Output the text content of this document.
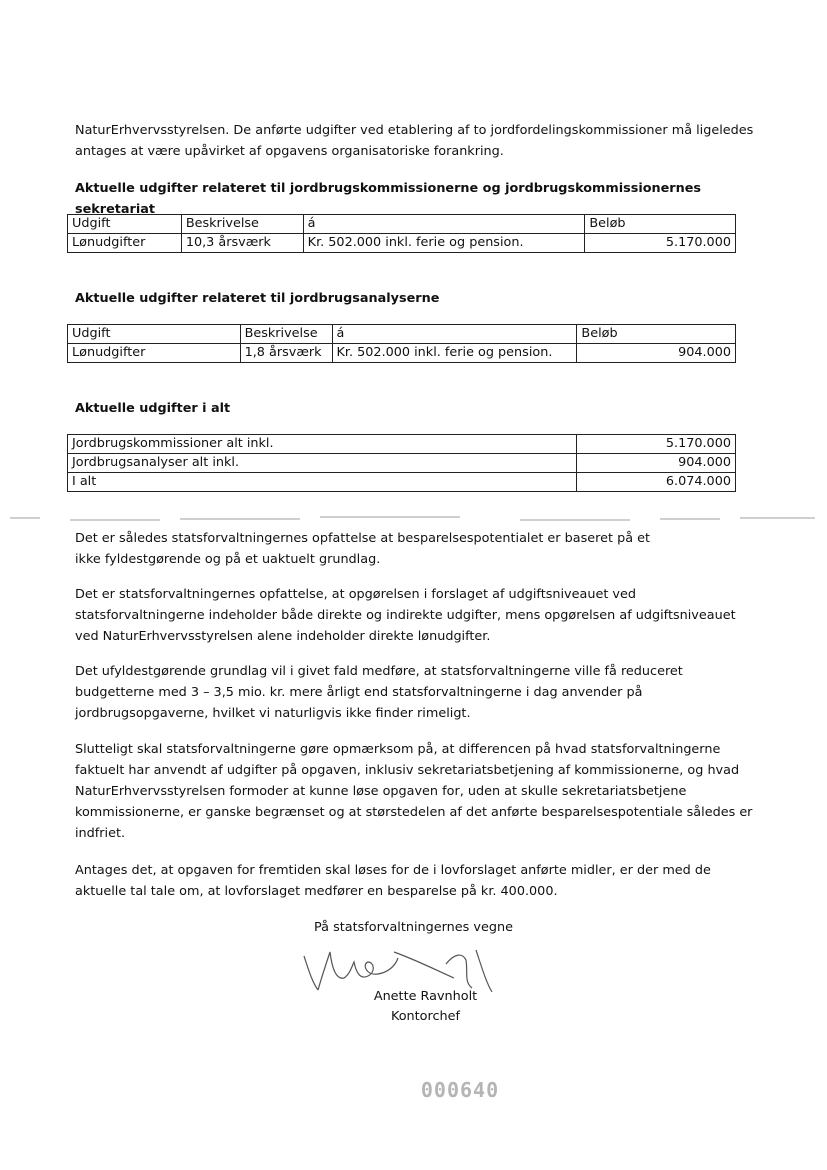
NaturErhvervsstyrelsen. De anførte udgifter ved etablering af to jordfordelingskommissioner må ligeledes antages at være upåvirket af opgavens organisatoriske forankring.

Aktuelle udgifter relateret til jordbrugskommissionerne og jordbrugskommissionernes sekretariat

Udgift	Beskrivelse	á	Beløb
Lønudgifter	10,3 årsværk	Kr. 502.000 inkl. ferie og pension.	5.170.000

Aktuelle udgifter relateret til jordbrugsanalyserne

Udgift	Beskrivelse	á	Beløb
Lønudgifter	1,8 årsværk	Kr. 502.000 inkl. ferie og pension.	904.000

Aktuelle udgifter i alt

Jordbrugskommissioner alt inkl.	5.170.000
Jordbrugsanalyser alt inkl.	904.000
I alt	6.074.000

Det er således statsforvaltningernes opfattelse at besparelsespotentialet er baseret på et ikke fyldestgørende og på et uaktuelt grundlag.

Det er statsforvaltningernes opfattelse, at opgørelsen i forslaget af udgiftsniveauet ved statsforvaltningerne indeholder både direkte og indirekte udgifter, mens opgørelsen af udgiftsniveauet ved NaturErhvervsstyrelsen alene indeholder direkte lønudgifter.

Det ufyldestgørende grundlag vil i givet fald medføre, at statsforvaltningerne ville få reduceret budgetterne med 3 – 3,5 mio. kr. mere årligt end statsforvaltningerne i dag anvender på jordbrugsopgaverne, hvilket vi naturligvis ikke finder rimeligt.

Slutteligt skal statsforvaltningerne gøre opmærksom på, at differencen på hvad statsforvaltningerne faktuelt har anvendt af udgifter på opgaven, inklusiv sekretariatsbetjening af kommissionerne, og hvad NaturErhvervsstyrelsen formoder at kunne løse opgaven for, uden at skulle sekretariatsbetjene kommissionerne, er ganske begrænset og at størstedelen af det anførte besparelsespotentiale således er indfriet.

Antages det, at opgaven for fremtiden skal løses for de i lovforslaget anførte midler, er der med de aktuelle tal tale om, at lovforslaget medfører en besparelse på kr. 400.000.

På statsforvaltningernes vegne
Anette Ravnholt
Kontorchef
000640
